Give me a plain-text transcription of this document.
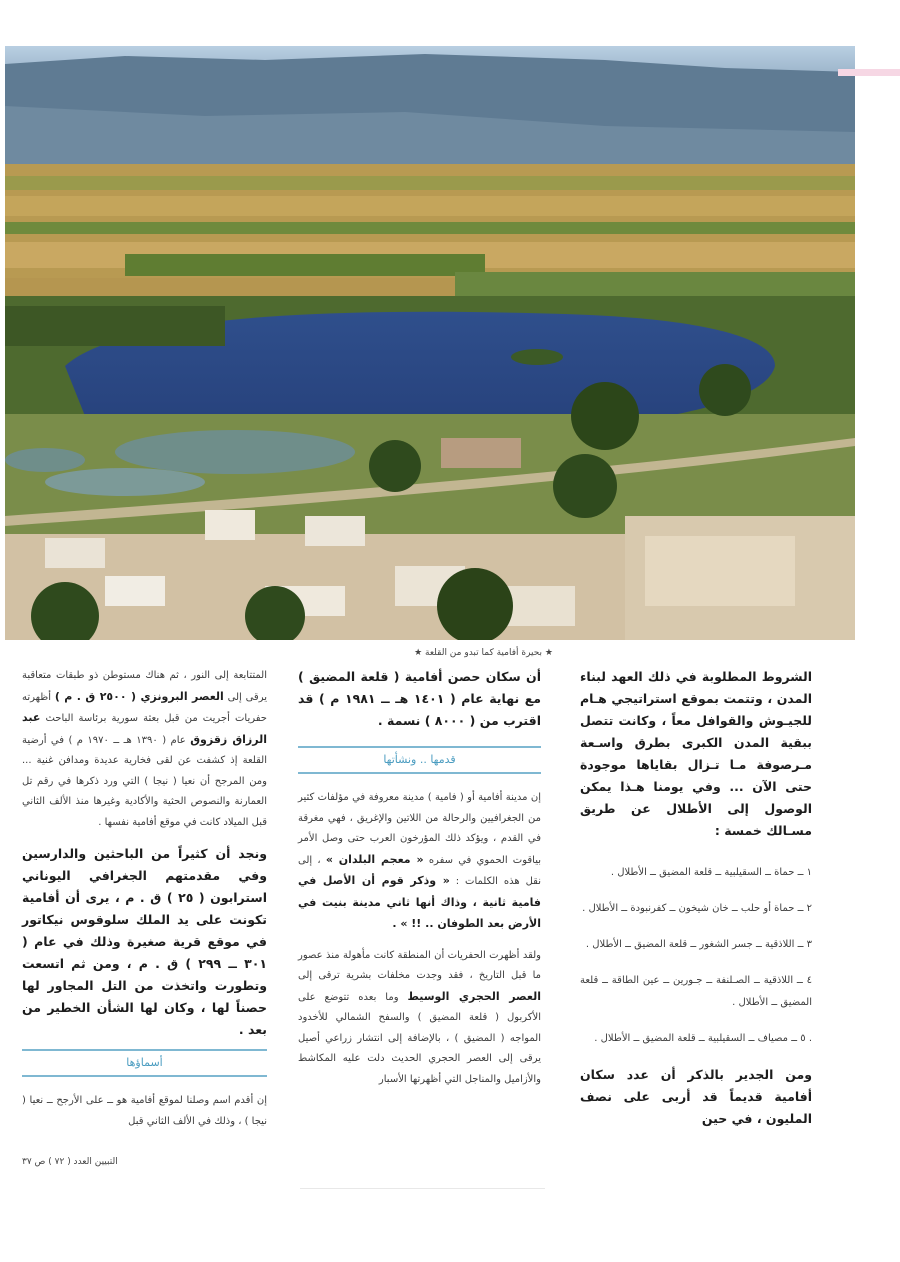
★ بحيرة أفامية كما تبدو من القلعة ★

الشروط المطلوبة في ذلك العهد لبناء المدن ، وتتمت بموقع استراتيجي هـام للجيـوش والقوافل معاً ، وكانت تتصل ببقية المدن الكبرى بطرق واسـعة مـرصوفة مـا تـزال بقاياها موجودة حتى الآن ... وفي يومنا هـذا يمكن الوصول إلى الأطلال عن طريق مسـالك خمسة :

١ ــ حماة ــ السقيلبية ــ قلعة المضيق ــ الأطلال .

٢ ــ حماة أو حلب ــ خان شيخون ــ كفرنبودة ــ الأطلال .

٣ ــ اللاذقية ــ جسر الشغور ــ قلعة المضيق ــ الأطلال .

٤ ــ اللاذقية ــ الصـلنفة ــ جـورين ــ عين الطاقة ــ قلعة المضيق ــ الأطلال .

. ٥ ــ مصياف ــ السقيلبية ــ قلعة المضيق ــ الأطلال .

ومن الجدير بالذكر أن عدد سكان أفامية قديماً قد أربى على نصف المليون ، في حين

أن سكان حصن أفامية ( قلعة المضيق ) مع نهاية عام ( ١٤٠١ هـ ــ ١٩٨١ م ) قد اقترب من ( ٨٠٠٠ ) نسمة .

قدمها .. ونشأتها

إن مدينة أفامية أو ( فامية ) مدينة معروفة في مؤلفات كثير من الجغرافيين والرحالة من اللاتين والإغريق ، فهي مغرقة في القدم ، ويؤكد ذلك المؤرخون العرب حتى وصل الأمر بياقوت الحموي في سفره « معجم البلدان » ، إلى نقل هذه الكلمات : « وذكر قوم أن الأصل في فامية ثانية ، وذاك أنها ثاني مدينة بنيت في الأرض بعد الطوفان .. !! » .

ولقد أظهرت الحفريات أن المنطقة كانت مأهولة منذ عصور ما قبل التاريخ ، فقد وجدت مخلفات بشرية ترقى إلى العصر الحجري الوسيط وما بعده تتوضع على الأكربول ( قلعة المضيق ) والسفح الشمالي للأخدود المواجه ( المضيق ) ، بالإضافة إلى انتشار زراعي أصيل يرقى إلى العصر الحجري الحديث دلت عليه المكاشط والأزاميل والمناجل التي أظهرتها الأسبار

المتتابعة إلى النور ، ثم هناك مستوطن ذو طبقات متعاقبة يرقى إلى العصر البرونزي ( ٢٥٠٠ ق . م ) أظهرته حفريات أجريت من قبل بعثة سورية برئاسة الباحث عبد الرزاق زقزوق عام ( ١٣٩٠ هـ ــ ١٩٧٠ م ) في أرضية القلعة إذ كشفت عن لقى فخارية عديدة ومدافن غنية ... ومن المرجح أن نعيا ( نيجا ) التي ورد ذكرها في رقم تل العمارنة والنصوص الحثية والأكادية وغيرها منذ الألف الثاني قبل الميلاد كانت في موقع أفامية نفسها .

ونجد أن كثيراً من الباحثين والدارسين وفي مقدمتهم الجغرافي اليوناني استرابون ( ٢٥ ) ق . م ، يرى أن أفامية تكونت على يد الملك سلوقوس نيكاتور في موقع قرية صغيرة وذلك في عام ( ٣٠١ ــ ٢٩٩ ) ق . م ، ومن ثم اتسعت وتطورت واتخذت من التل المجاور لها حصناً لها ، وكان لها الشأن الخطير من بعد .

أسماؤها

إن أقدم اسم وصلنا لموقع أفامية هو ــ على الأرجح ــ نعيا ( نيجا ) ، وذلك في الألف الثاني قبل

التبيين العدد ( ٧٢ ) ص ٣٧
